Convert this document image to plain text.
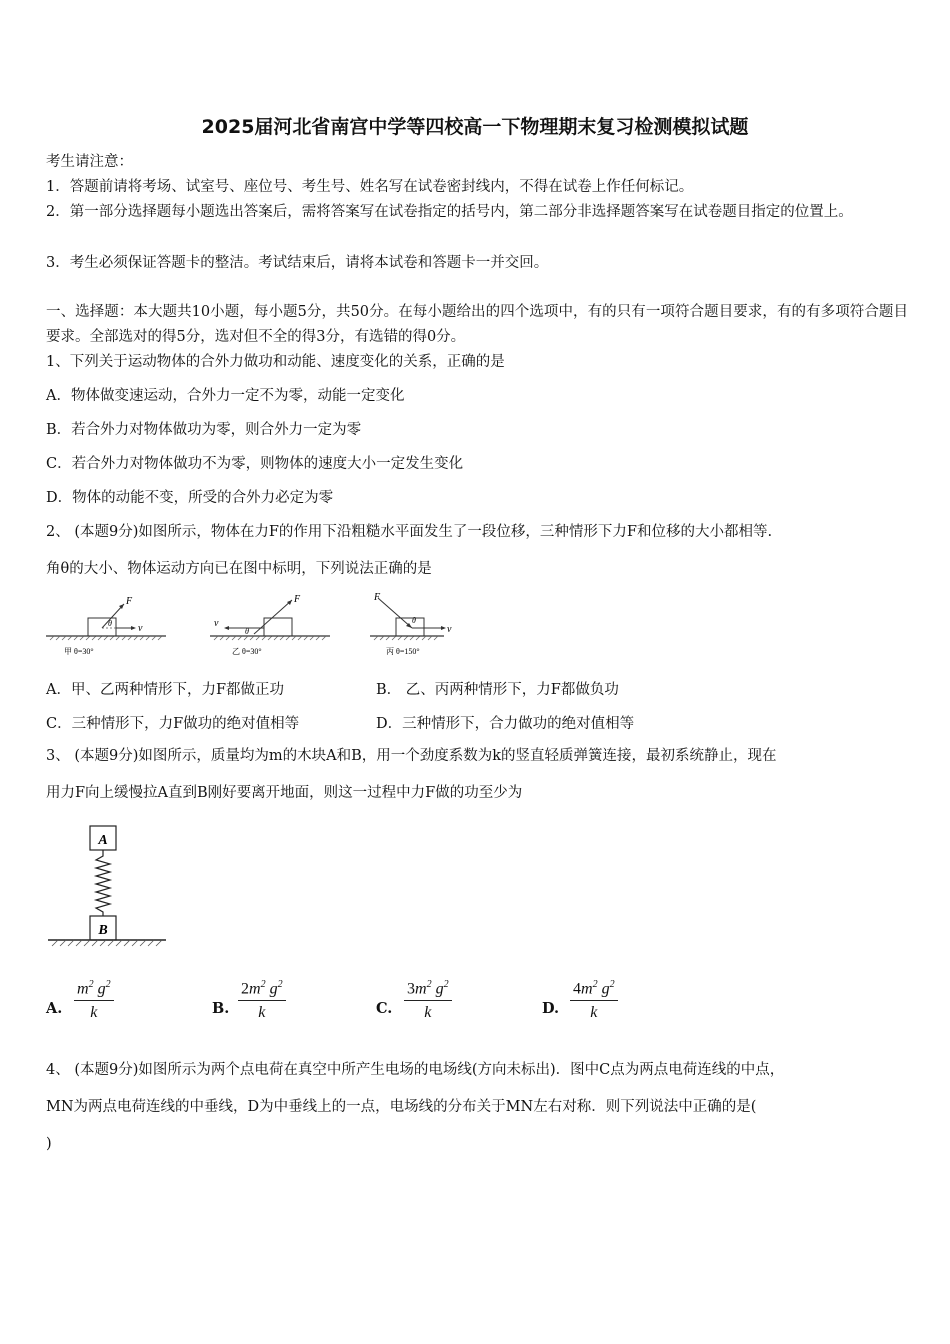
2025届河北省南宫中学等四校高一下物理期末复习检测模拟试题
考生请注意：
1．答题前请将考场、试室号、座位号、考生号、姓名写在试卷密封线内，不得在试卷上作任何标记。
2．第一部分选择题每小题选出答案后，需将答案写在试卷指定的括号内，第二部分非选择题答案写在试卷题目指定的位置上。
3．考生必须保证答题卡的整洁。考试结束后，请将本试卷和答题卡一并交回。
一、选择题：本大题共10小题，每小题5分，共50分。在每小题给出的四个选项中，有的只有一项符合题目要求，有的有多项符合题目要求。全部选对的得5分，选对但不全的得3分，有选错的得0分。
1、下列关于运动物体的合外力做功和动能、速度变化的关系，正确的是
A．物体做变速运动，合外力一定不为零，动能一定变化
B．若合外力对物体做功为零，则合外力一定为零
C．若合外力对物体做功不为零，则物体的速度大小一定发生变化
D．物体的动能不变，所受的合外力必定为零
2、 (本题9分)如图所示，物体在力F的作用下沿粗糙水平面发生了一段位移，三种情形下力F和位移的大小都相等.
角θ的大小、物体运动方向已在图中标明，下列说法正确的是
F
θ	v
甲 θ=30°
F
v
θ
乙 θ=30°
F
v
θ
丙 θ=150°
A．甲、乙两种情形下，力F都做正功	B． 乙、丙两种情形下，力F都做负功
C．三种情形下，力F做功的绝对值相等	D．三种情形下，合力做功的绝对值相等
3、 (本题9分)如图所示，质量均为m的木块A和B，用一个劲度系数为k的竖直轻质弹簧连接，最初系统静止，现在
用力F向上缓慢拉A直到B刚好要离开地面，则这一过程中力F做的功至少为
A
B
A. $\frac{m^2 g^2}{k}$	B. $\frac{2m^2 g^2}{k}$	C. $\frac{3m^2 g^2}{k}$	D. $\frac{4m^2 g^2}{k}$
4、 (本题9分)如图所示为两个点电荷在真空中所产生电场的电场线(方向未标出)．图中C点为两点电荷连线的中点，
MN为两点电荷连线的中垂线，D为中垂线上的一点，电场线的分布关于MN左右对称．则下列说法中正确的是(
)
